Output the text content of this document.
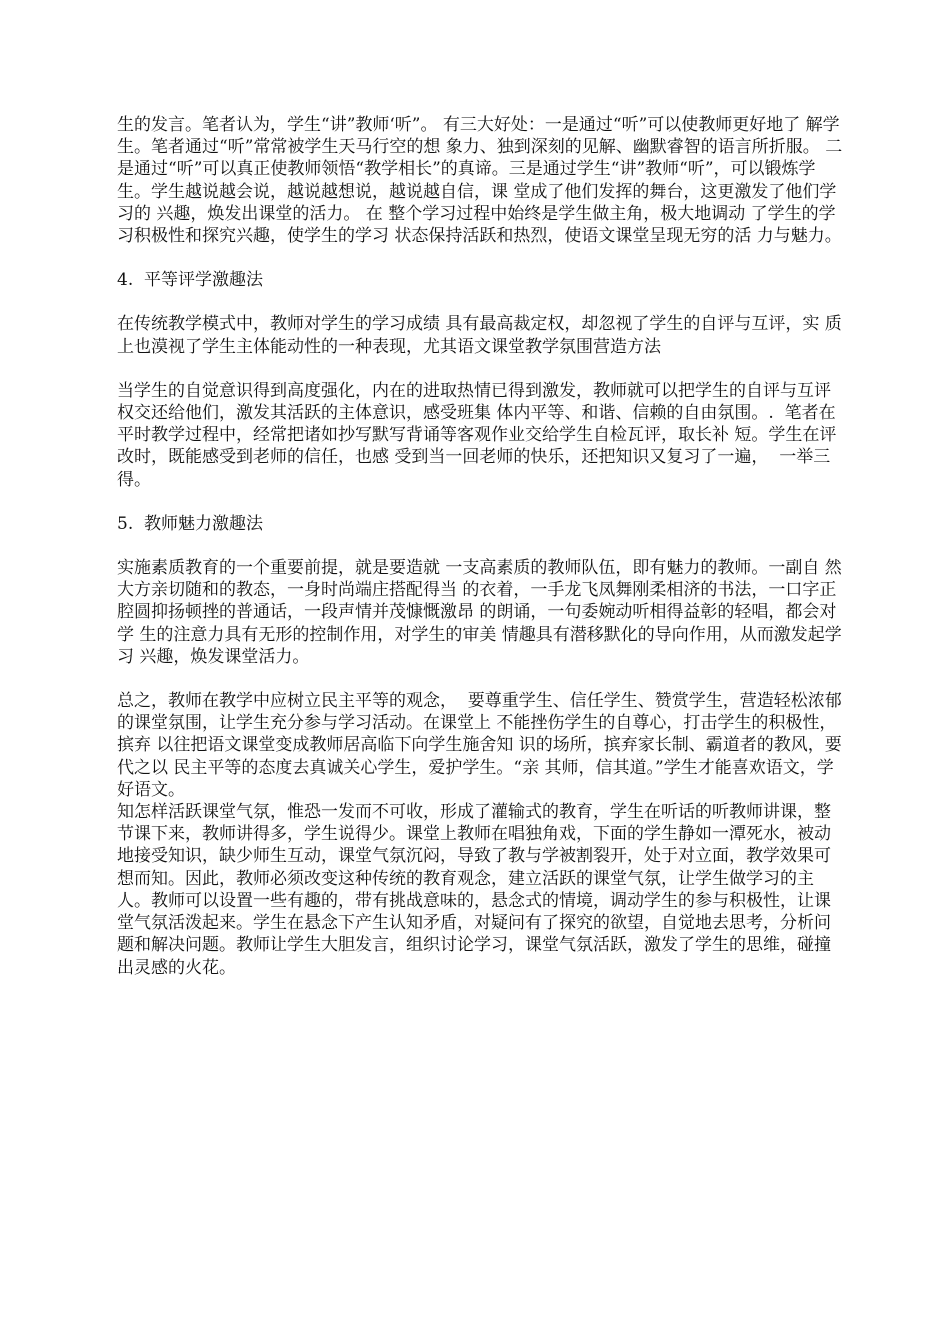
生的发言。笔者认为，学生“讲”教师‘听”。 有三大好处：一是通过“听”可以使教师更好地了 解学生。笔者通过“听”常常被学生天马行空的想 象力、独到深刻的见解、幽默睿智的语言所折服。 二是通过“听”可以真正使教师领悟“教学相长”的真谛。三是通过学生“讲”教师“听”，可以锻炼学 生。学生越说越会说，越说越想说，越说越自信，课 堂成了他们发挥的舞台，这更激发了他们学习的 兴趣，焕发出课堂的活力。 在 整个学习过程中始终是学生做主角，极大地调动 了学生的学习积极性和探究兴趣，使学生的学习 状态保持活跃和热烈，使语文课堂呈现无穷的活 力与魅力。

4.  平等评学激趣法

在传统教学模式中，教师对学生的学习成绩 具有最高裁定权，却忽视了学生的自评与互评，实 质上也漠视了学生主体能动性的一种表现，尤其语文课堂教学氛围营造方法

当学生的自觉意识得到高度强化，内在的进取热情已得到激发，教师就可以把学生的自评与互评 权交还给他们，激发其活跃的主体意识，感受班集 体内平等、和谐、信赖的自由氛围。.  笔者在平时教学过程中，经常把诸如抄写默写背诵等客观作业交给学生自检瓦评，取长补 短。学生在评改时，既能感受到老师的信任，也感 受到当一回老师的快乐，还把知识又复习了一遍，  一举三得。

5.  教师魅力激趣法

实施素质教育的一个重要前提，就是要造就 一支高素质的教师队伍，即有魅力的教师。一副自 然大方亲切随和的教态，一身时尚端庄搭配得当 的衣着，一手龙飞凤舞刚柔相济的书法，一口字正 腔圆抑扬顿挫的普通话，一段声情并茂慷慨激昂 的朗诵，一句委婉动听相得益彰的轻唱，都会对学 生的注意力具有无形的控制作用，对学生的审美 情趣具有潜移默化的导向作用，从而激发起学习 兴趣，焕发课堂活力。

总之，教师在教学中应树立民主平等的观念，  要尊重学生、信任学生、赞赏学生，营造轻松浓郁 的课堂氛围，让学生充分参与学习活动。在课堂上 不能挫伤学生的自尊心，打击学生的积极性，摈弃 以往把语文课堂变成教师居高临下向学生施舍知 识的场所，摈弃家长制、霸道者的教风，要代之以 民主平等的态度去真诚关心学生，爱护学生。“亲 其师，信其道。”学生才能喜欢语文，学好语文。

知怎样活跃课堂气氛，惟恐一发而不可收，形成了灌输式的教育，学生在听话的听教师讲课，整节课下来，教师讲得多，学生说得少。课堂上教师在唱独角戏，下面的学生静如一潭死水，被动地接受知识，缺少师生互动，课堂气氛沉闷，导致了教与学被割裂开，处于对立面，教学效果可想而知。因此，教师必须改变这种传统的教育观念，建立活跃的课堂气氛，让学生做学习的主人。教师可以设置一些有趣的，带有挑战意味的，悬念式的情境，调动学生的参与积极性，让课堂气氛活泼起来。学生在悬念下产生认知矛盾，对疑问有了探究的欲望，自觉地去思考，分析问题和解决问题。教师让学生大胆发言，组织讨论学习，课堂气氛活跃，激发了学生的思维，碰撞出灵感的火花。
